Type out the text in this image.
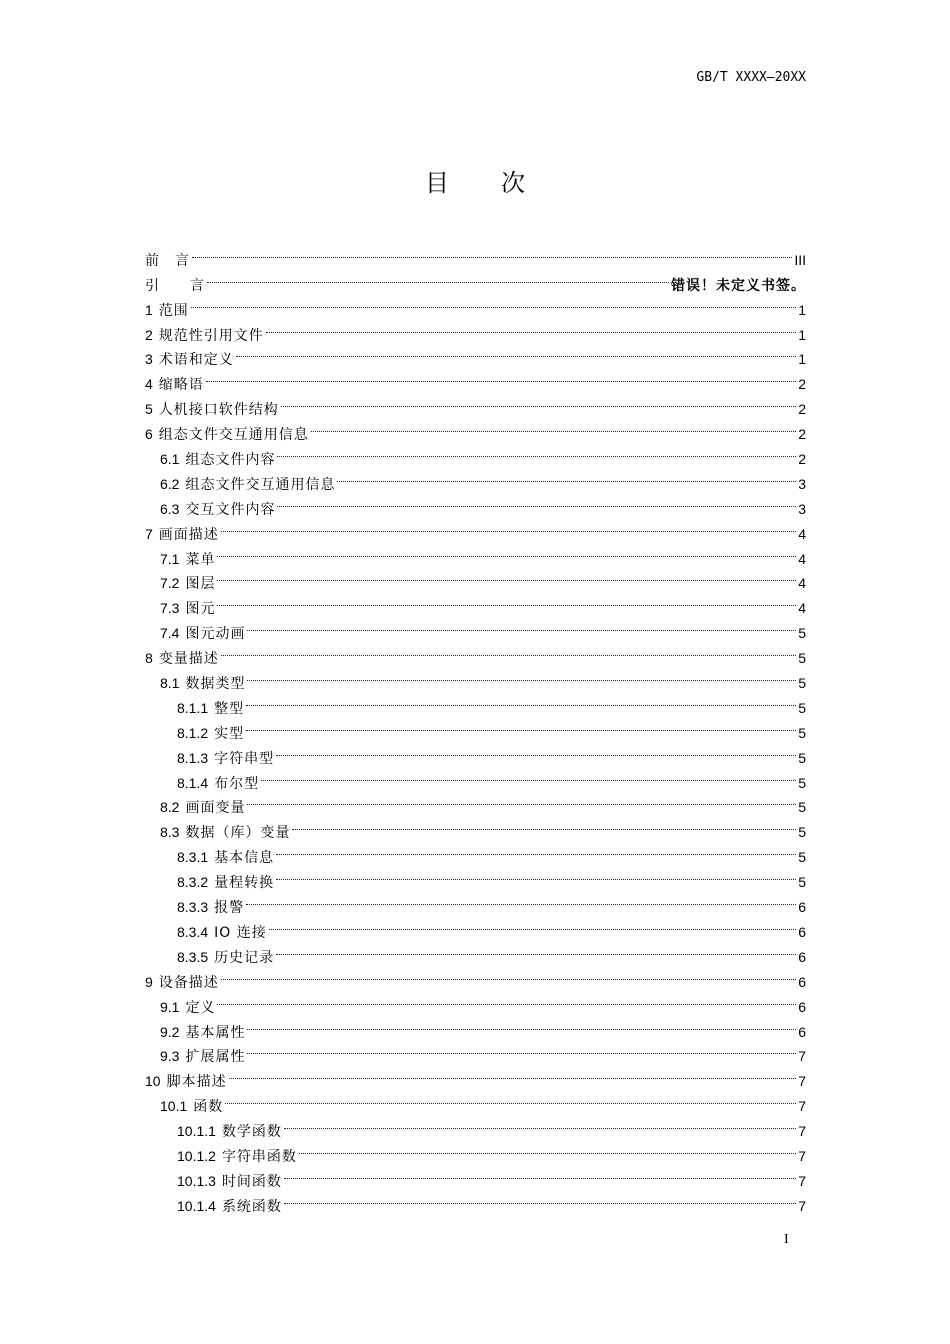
GB/T XXXX—20XX
目 次
前　言	III
引　　言	错误！未定义书签。
1 范围	1
2 规范性引用文件	1
3 术语和定义	1
4 缩略语	2
5 人机接口软件结构	2
6 组态文件交互通用信息	2
6.1 组态文件内容	2
6.2 组态文件交互通用信息	3
6.3 交互文件内容	3
7 画面描述	4
7.1 菜单	4
7.2 图层	4
7.3 图元	4
7.4 图元动画	5
8 变量描述	5
8.1 数据类型	5
8.1.1 整型	5
8.1.2 实型	5
8.1.3 字符串型	5
8.1.4 布尔型	5
8.2 画面变量	5
8.3 数据（库）变量	5
8.3.1 基本信息	5
8.3.2 量程转换	5
8.3.3 报警	6
8.3.4 IO 连接	6
8.3.5 历史记录	6
9 设备描述	6
9.1 定义	6
9.2 基本属性	6
9.3 扩展属性	7
10 脚本描述	7
10.1 函数	7
10.1.1 数学函数	7
10.1.2 字符串函数	7
10.1.3 时间函数	7
10.1.4 系统函数	7
I
